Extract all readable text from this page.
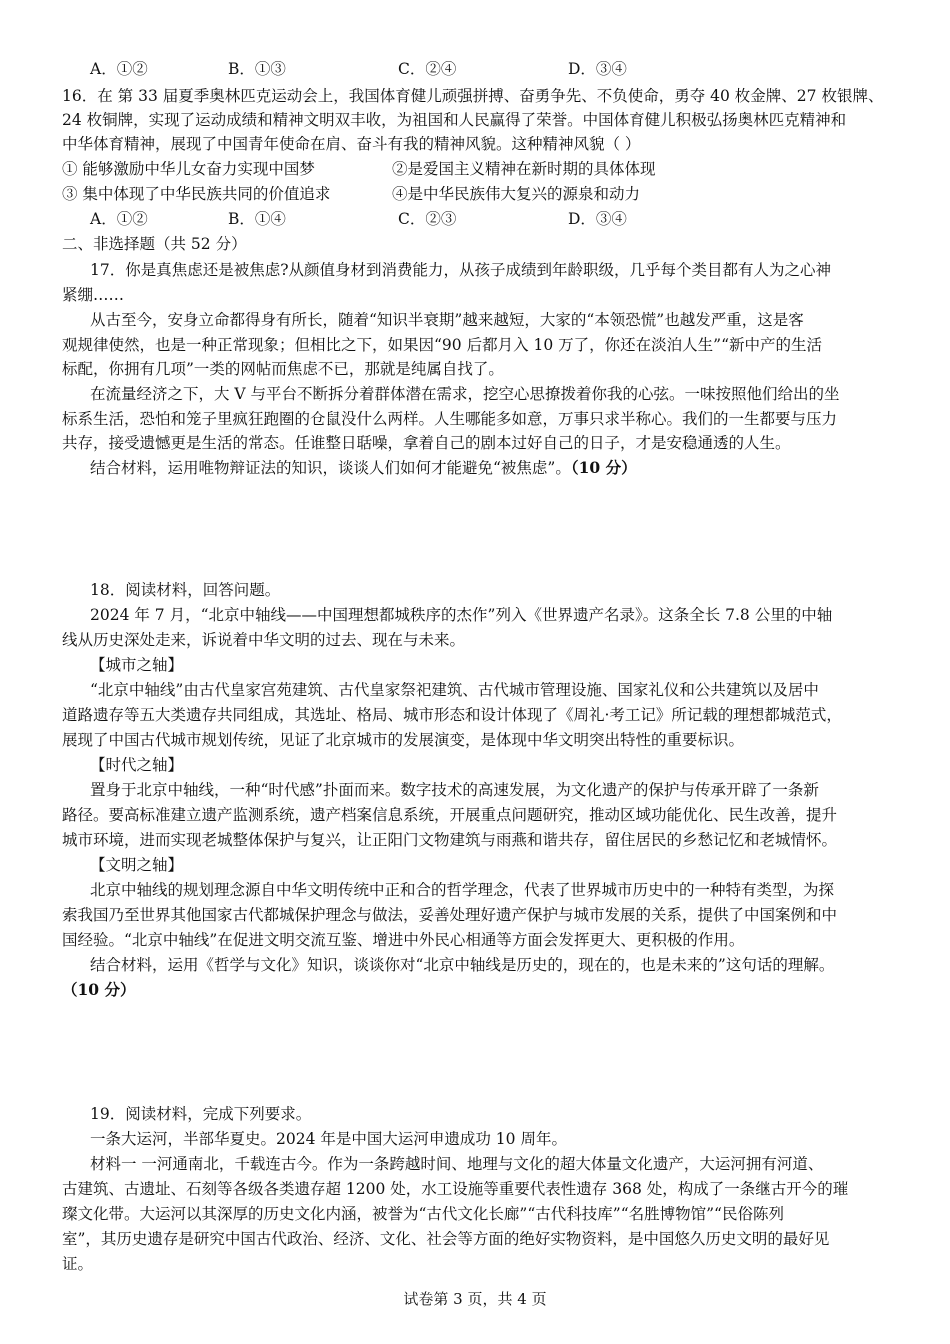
A．①②	B．①③	C．②④	D．③④
16．在 第 33 届夏季奥林匹克运动会上，我国体育健儿顽强拼搏、奋勇争先、不负使命，勇夺 40 枚金牌、27 枚银牌、
24 枚铜牌，实现了运动成绩和精神文明双丰收，为祖国和人民赢得了荣誉。中国体育健儿积极弘扬奥林匹克精神和
中华体育精神，展现了中国青年使命在肩、奋斗有我的精神风貌。这种精神风貌（ ）
① 能够激励中华儿女奋力实现中国梦	②是爱国主义精神在新时期的具体体现
③ 集中体现了中华民族共同的价值追求	④是中华民族伟大复兴的源泉和动力
A．①②	B．①④	C．②③	D．③④
二、非选择题（共 52 分）
17．你是真焦虑还是被焦虑?从颜值身材到消费能力，从孩子成绩到年龄职级，几乎每个类目都有人为之心神
紧绷……
从古至今，安身立命都得身有所长，随着“知识半衰期”越来越短，大家的“本领恐慌”也越发严重，这是客
观规律使然，也是一种正常现象；但相比之下，如果因“90 后都月入 10 万了，你还在淡泊人生”“新中产的生活
标配，你拥有几项”一类的网帖而焦虑不已，那就是纯属自找了。
在流量经济之下，大 V 与平台不断拆分着群体潜在需求，挖空心思撩拨着你我的心弦。一味按照他们给出的坐
标系生活，恐怕和笼子里疯狂跑圈的仓鼠没什么两样。人生哪能多如意，万事只求半称心。我们的一生都要与压力
共存，接受遗憾更是生活的常态。任谁整日聒噪，拿着自己的剧本过好自己的日子，才是安稳通透的人生。
结合材料，运用唯物辩证法的知识，谈谈人们如何才能避免“被焦虑”。（10 分）
18．阅读材料，回答问题。
2024 年 7 月，“北京中轴线——中国理想都城秩序的杰作”列入《世界遗产名录》。这条全长 7.8 公里的中轴
线从历史深处走来，诉说着中华文明的过去、现在与未来。
【城市之轴】
“北京中轴线”由古代皇家宫苑建筑、古代皇家祭祀建筑、古代城市管理设施、国家礼仪和公共建筑以及居中
道路遗存等五大类遗存共同组成，其选址、格局、城市形态和设计体现了《周礼·考工记》所记载的理想都城范式，
展现了中国古代城市规划传统，见证了北京城市的发展演变，是体现中华文明突出特性的重要标识。
【时代之轴】
置身于北京中轴线，一种“时代感”扑面而来。数字技术的高速发展，为文化遗产的保护与传承开辟了一条新
路径。要高标准建立遗产监测系统，遗产档案信息系统，开展重点问题研究，推动区域功能优化、民生改善，提升
城市环境，进而实现老城整体保护与复兴，让正阳门文物建筑与雨燕和谐共存，留住居民的乡愁记忆和老城情怀。
【文明之轴】
北京中轴线的规划理念源自中华文明传统中正和合的哲学理念，代表了世界城市历史中的一种特有类型，为探
索我国乃至世界其他国家古代都城保护理念与做法，妥善处理好遗产保护与城市发展的关系，提供了中国案例和中
国经验。“北京中轴线”在促进文明交流互鉴、增进中外民心相通等方面会发挥更大、更积极的作用。
结合材料，运用《哲学与文化》知识，谈谈你对“北京中轴线是历史的，现在的，也是未来的”这句话的理解。
（10 分）
19．阅读材料，完成下列要求。
一条大运河，半部华夏史。2024 年是中国大运河申遗成功 10 周年。
材料一 一河通南北，千载连古今。作为一条跨越时间、地理与文化的超大体量文化遗产，大运河拥有河道、
古建筑、古遗址、石刻等各级各类遗存超 1200 处，水工设施等重要代表性遗存 368 处，构成了一条继古开今的璀
璨文化带。大运河以其深厚的历史文化内涵，被誉为“古代文化长廊”“古代科技库”“名胜博物馆”“民俗陈列
室”，其历史遗存是研究中国古代政治、经济、文化、社会等方面的绝好实物资料，是中国悠久历史文明的最好见
证。
试卷第 3 页，共 4 页
